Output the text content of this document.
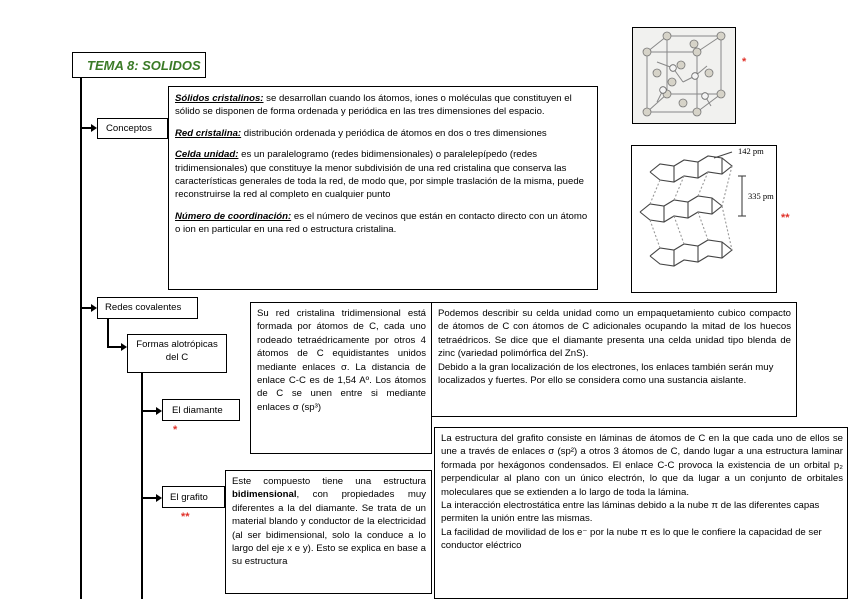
TEMA 8: SOLIDOS
Conceptos

Sólidos cristalinos: se desarrollan cuando los átomos, iones o moléculas que constituyen el sólido se disponen de forma ordenada y periódica en las tres dimensiones del espacio.

Red cristalina: distribución ordenada y periódica de átomos en dos o tres dimensiones

Celda unidad: es un paralelogramo (redes bidimensionales) o paralelepípedo (redes tridimensionales) que constituye la menor subdivisión de una red cristalina que conserva las características generales de toda la red, de modo que, por simple traslación de la misma, puede reconstruirse la red al completo en cualquier punto

Número de coordinación: es el número de vecinos que están en contacto directo con un átomo o ion en particular en una red o estructura cristalina.

*
142 pm
335 pm
**
Redes covalentes
Formas alotrópicas del C
El diamante
*
Su red cristalina tridimensional está formada por átomos de C, cada uno rodeado tetraédricamente por otros 4 átomos de C equidistantes unidos mediante enlaces σ. La distancia de enlace C-C es de 1,54 Aº. Los átomos de C se unen entre si mediante enlaces σ (sp³)

Podemos describir su celda unidad como un empaquetamiento cubico compacto de átomos de C con átomos de C adicionales ocupando la mitad de los huecos tetraédricos. Se dice que el diamante presenta una celda unidad tipo blenda de zinc (variedad polimórfica del ZnS).

Debido a la gran localización de los electrones, los enlaces también serán muy localizados y fuertes. Por ello se considera como una sustancia aislante.

El grafito
**
Este compuesto tiene una estructura bidimensional, con propiedades muy diferentes a la del diamante. Se trata de un material blando y conductor de la electricidad (al ser bidimensional, solo la conduce a lo largo del eje x e y). Esto se explica en base a su estructura

La estructura del grafito consiste en láminas de átomos de C en la que cada uno de ellos se une a través de enlaces σ (sp²) a otros 3 átomos de C, dando lugar a una estructura laminar formada por hexágonos condensados. El enlace C-C provoca la existencia de un orbital p₂ perpendicular al plano con un único electrón, lo que da lugar a un conjunto de orbitales moleculares que se extienden a lo largo de toda la lámina.

La interacción electrostática entre las láminas debido a la nube π de las diferentes capas permiten la unión entre las mismas.

La facilidad de movilidad de los e⁻ por la nube π es lo que le confiere la capacidad de ser conductor eléctrico
